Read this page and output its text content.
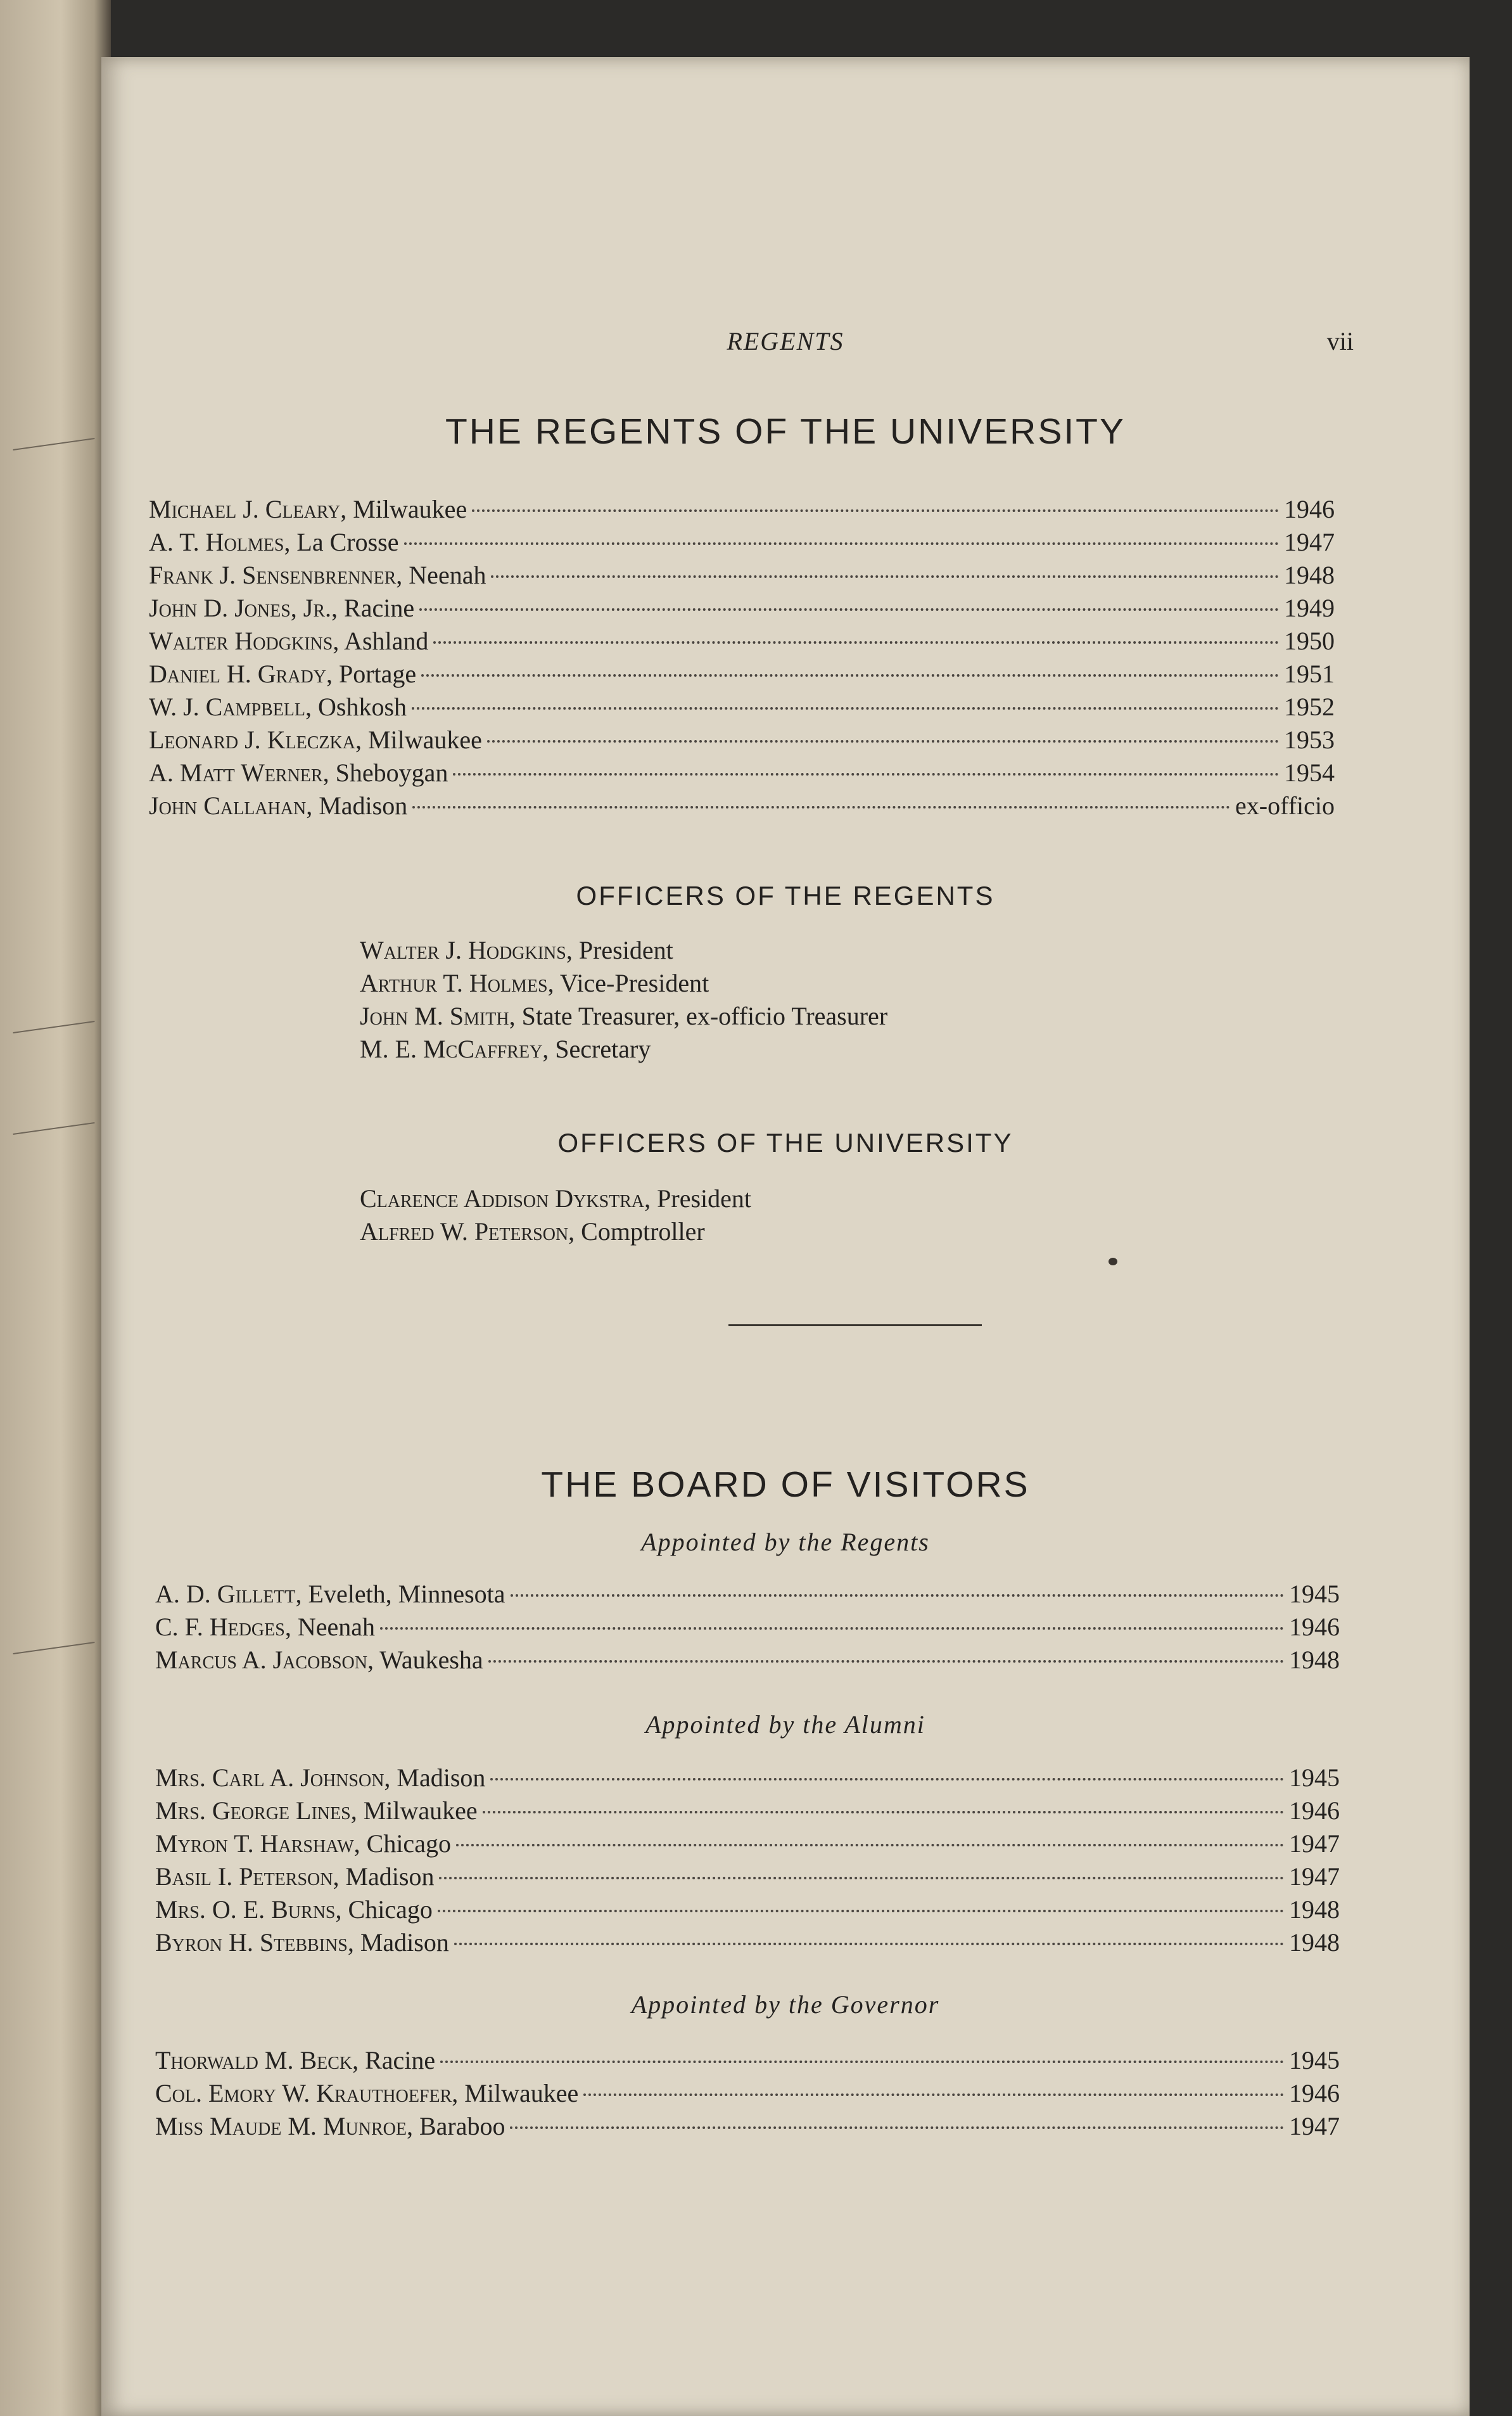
REGENTS	vii
THE REGENTS OF THE UNIVERSITY
Michael J. Cleary, Milwaukee	1946
A. T. Holmes, La Crosse	1947
Frank J. Sensenbrenner, Neenah	1948
John D. Jones, Jr., Racine	1949
Walter Hodgkins, Ashland	1950
Daniel H. Grady, Portage	1951
W. J. Campbell, Oshkosh	1952
Leonard J. Kleczka, Milwaukee	1953
A. Matt Werner, Sheboygan	1954
John Callahan, Madison	ex-officio
OFFICERS OF THE REGENTS
Walter J. Hodgkins, President
Arthur T. Holmes, Vice-President
John M. Smith, State Treasurer, ex-officio Treasurer
M. E. McCaffrey, Secretary
OFFICERS OF THE UNIVERSITY
Clarence Addison Dykstra, President
Alfred W. Peterson, Comptroller
THE BOARD OF VISITORS
Appointed by the Regents
A. D. Gillett, Eveleth, Minnesota	1945
C. F. Hedges, Neenah	1946
Marcus A. Jacobson, Waukesha	1948
Appointed by the Alumni
Mrs. Carl A. Johnson, Madison	1945
Mrs. George Lines, Milwaukee	1946
Myron T. Harshaw, Chicago	1947
Basil I. Peterson, Madison	1947
Mrs. O. E. Burns, Chicago	1948
Byron H. Stebbins, Madison	1948
Appointed by the Governor
Thorwald M. Beck, Racine	1945
Col. Emory W. Krauthoefer, Milwaukee	1946
Miss Maude M. Munroe, Baraboo	1947
